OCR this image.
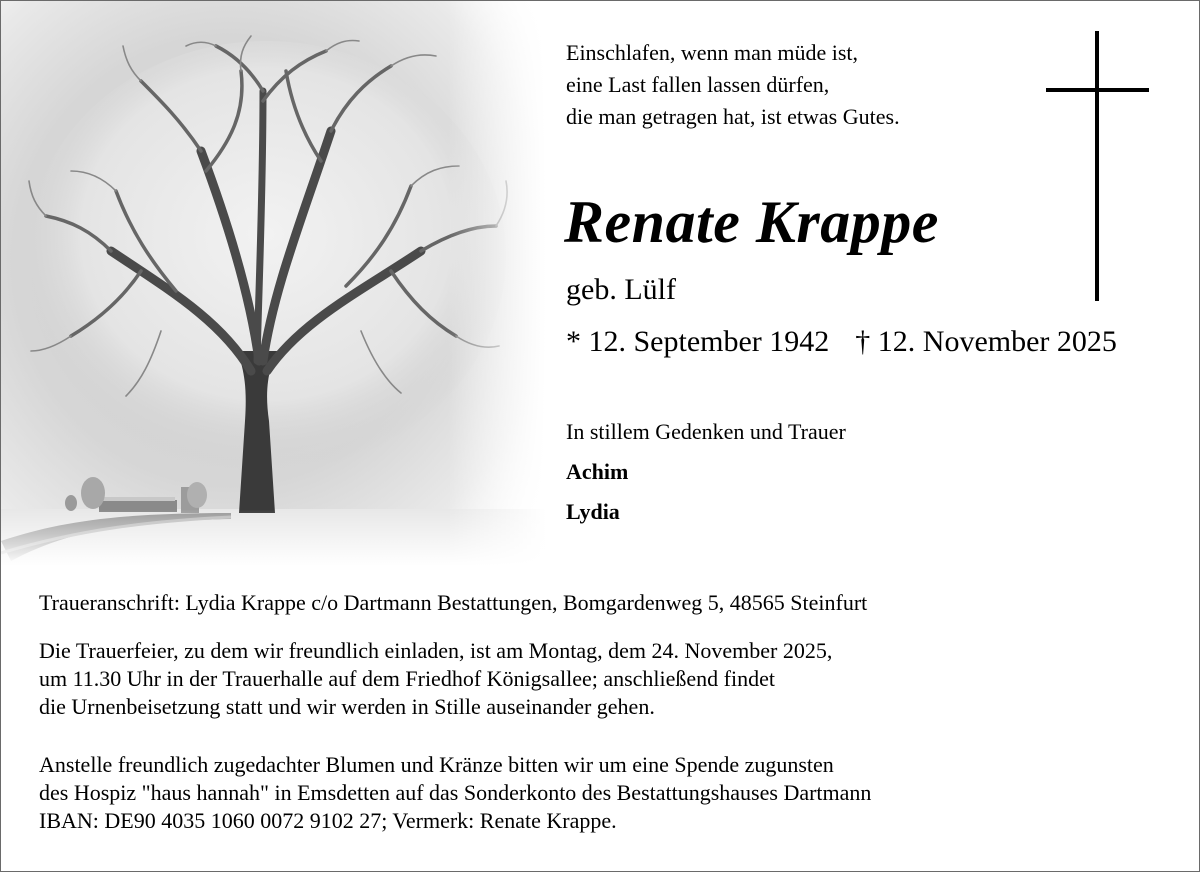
Einschlafen, wenn man müde ist,
eine Last fallen lassen dürfen,
die man getragen hat, ist etwas Gutes.
Renate Krappe
geb. Lülf
* 12. September 1942 † 12. November 2025
In stillem Gedenken und Trauer
Achim
Lydia
Traueranschrift: Lydia Krappe c/o Dartmann Bestattungen, Bomgardenweg 5, 48565 Steinfurt
Die Trauerfeier, zu dem wir freundlich einladen, ist am Montag, dem 24. November 2025,
um 11.30 Uhr in der Trauerhalle auf dem Friedhof Königsallee; anschließend findet
die Urnenbeisetzung statt und wir werden in Stille auseinander gehen.
Anstelle freundlich zugedachter Blumen und Kränze bitten wir um eine Spende zugunsten
des Hospiz "haus hannah" in Emsdetten auf das Sonderkonto des Bestattungshauses Dartmann
IBAN: DE90 4035 1060 0072 9102 27; Vermerk: Renate Krappe.
